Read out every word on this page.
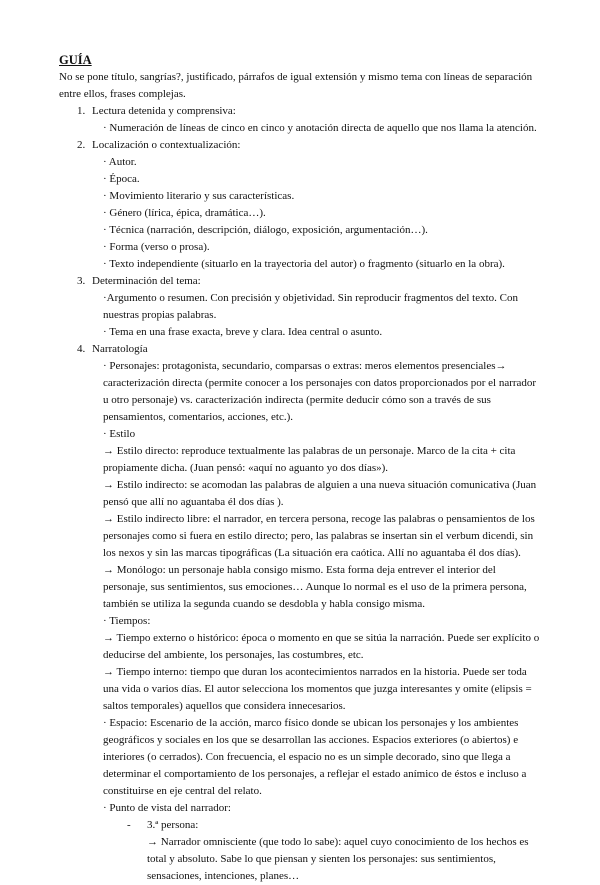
GUÍA

No se pone título, sangrías?, justificado, párrafos de igual extensión y mismo tema con líneas de separación entre ellos, frases complejas.

1. Lectura detenida y comprensiva:

· Numeración de líneas de cinco en cinco y anotación directa de aquello que nos llama la atención.

2. Localización o contextualización:

· Autor.

· Época.

· Movimiento literario y sus características.

· Género (lírica, épica, dramática…).

· Técnica (narración, descripción, diálogo, exposición, argumentación…).

· Forma (verso o prosa).

· Texto independiente (situarlo en la trayectoria del autor) o fragmento (situarlo en la obra).

3. Determinación del tema:

·Argumento o resumen. Con precisión y objetividad. Sin reproducir fragmentos del texto. Con nuestras propias palabras.

· Tema en una frase exacta, breve y clara. Idea central o asunto.

4. Narratología

· Personajes: protagonista, secundario, comparsas o extras: meros elementos presenciales→ caracterización directa (permite conocer a los personajes con datos proporcionados por el narrador u otro personaje) vs. caracterización indirecta (permite deducir cómo son a través de sus pensamientos, comentarios, acciones, etc.).

· Estilo

→ Estilo directo: reproduce textualmente las palabras de un personaje. Marco de la cita + cita propiamente dicha. (Juan pensó: «aquí no aguanto yo dos días»).

→ Estilo indirecto: se acomodan las palabras de alguien a una nueva situación comunicativa (Juan pensó que allí no aguantaba él dos días ).

→ Estilo indirecto libre: el narrador, en tercera persona, recoge las palabras o pensamientos de los personajes como si fuera en estilo directo; pero, las palabras se insertan sin el verbum dicendi, sin los nexos y sin las marcas tipográficas (La situación era caótica. Allí no aguantaba él dos días).

→ Monólogo: un personaje habla consigo mismo. Esta forma deja entrever el interior del personaje, sus sentimientos, sus emociones… Aunque lo normal es el uso de la primera persona, también se utiliza la segunda cuando se desdobla y habla consigo misma.

· Tiempos:

→ Tiempo externo o histórico: época o momento en que se sitúa la narración. Puede ser explícito o deducirse del ambiente, los personajes, las costumbres, etc.

→ Tiempo interno: tiempo que duran los acontecimientos narrados en la historia. Puede ser toda una vida o varios días. El autor selecciona los momentos que juzga interesantes y omite (elipsis = saltos temporales) aquellos que considera innecesarios.

· Espacio: Escenario de la acción, marco físico donde se ubican los personajes y los ambientes geográficos y sociales en los que se desarrollan las acciones. Espacios exteriores (o abiertos) e interiores (o cerrados). Con frecuencia, el espacio no es un simple decorado, sino que llega a determinar el comportamiento de los personajes, a reflejar el estado anímico de éstos e incluso a constituirse en eje central del relato.

· Punto de vista del narrador:

- 3.ª persona:

→ Narrador omnisciente (que todo lo sabe): aquel cuyo conocimiento de los hechos es total y absoluto. Sabe lo que piensan y sienten los personajes: sus sentimientos, sensaciones, intenciones, planes…
